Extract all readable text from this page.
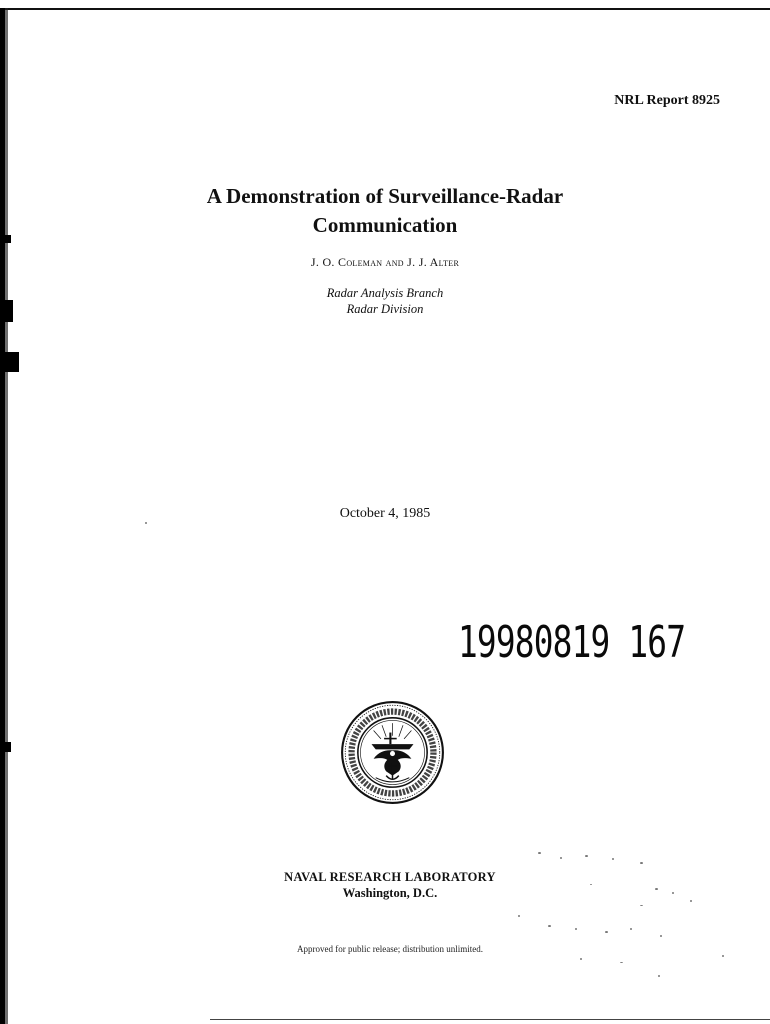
NRL Report 8925
A Demonstration of Surveillance-Radar
Communication
J. O. Coleman and J. J. Alter
Radar Analysis Branch
Radar Division
October 4, 1985
19980819 167
NAVAL RESEARCH LABORATORY
Washington, D.C.
Approved for public release; distribution unlimited.
